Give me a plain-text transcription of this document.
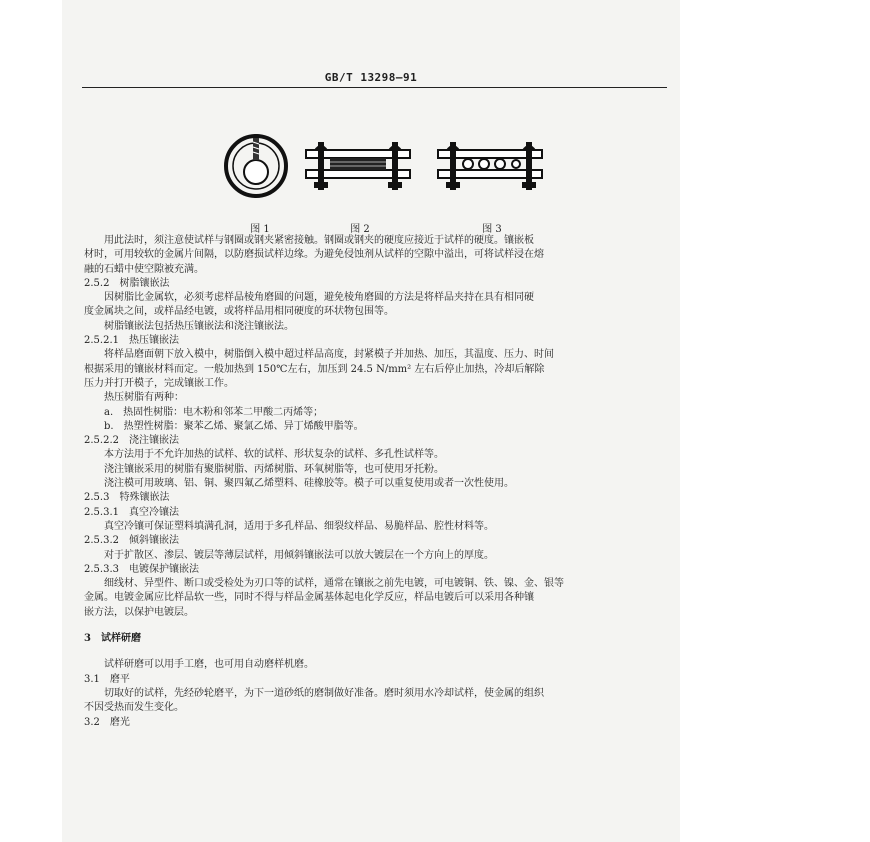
GB/T 13298—91
图 1	图 2	图 3

用此法时，须注意使试样与钢圈或钢夹紧密接触。钢圈或钢夹的硬度应接近于试样的硬度。镶嵌板

材时，可用较软的金属片间隔，以防磨损试样边缘。为避免侵蚀剂从试样的空隙中溢出，可将试样浸在熔

融的石蜡中使空隙被充满。

2.5.2　树脂镶嵌法

因树脂比金属软，必须考虑样品棱角磨圆的问题，避免棱角磨圆的方法是将样品夹持在具有相同硬

度金属块之间，或样品经电镀，或将样品用相同硬度的环状物包围等。

树脂镶嵌法包括热压镶嵌法和浇注镶嵌法。

2.5.2.1　热压镶嵌法

将样品磨面朝下放入模中，树脂倒入模中超过样品高度，封紧模子并加热、加压，其温度、压力、时间

根据采用的镶嵌材料而定。一般加热到 150℃左右，加压到 24.5 N/mm² 左右后停止加热，冷却后解除

压力并打开模子，完成镶嵌工作。

热压树脂有两种：

a.　热固性树脂：电木粉和邻苯二甲酸二丙烯等；

b.　热塑性树脂：聚苯乙烯、聚氯乙烯、异丁烯酸甲脂等。

2.5.2.2　浇注镶嵌法

本方法用于不允许加热的试样、软的试样、形状复杂的试样、多孔性试样等。

浇注镶嵌采用的树脂有聚脂树脂、丙烯树脂、环氧树脂等，也可使用牙托粉。

浇注模可用玻璃、铝、铜、聚四氟乙烯塑料、硅橡胶等。模子可以重复使用或者一次性使用。

2.5.3　特殊镶嵌法

2.5.3.1　真空冷镶法

真空冷镶可保证塑料填满孔洞，适用于多孔样品、细裂纹样品、易脆样品、腔性材料等。

2.5.3.2　倾斜镶嵌法

对于扩散区、渗层、镀层等薄层试样，用倾斜镶嵌法可以放大镀层在一个方向上的厚度。

2.5.3.3　电镀保护镶嵌法

细线材、异型件、断口或受检处为刃口等的试样，通常在镶嵌之前先电镀，可电镀铜、铁、镍、金、银等

金属。电镀金属应比样品软一些，同时不得与样品金属基体起电化学反应，样品电镀后可以采用各种镶

嵌方法，以保护电镀层。

3　试样研磨

试样研磨可以用手工磨，也可用自动磨样机磨。

3.1　磨平

切取好的试样，先经砂轮磨平，为下一道砂纸的磨制做好准备。磨时须用水冷却试样，使金属的组织

不因受热而发生变化。

3.2　磨光
